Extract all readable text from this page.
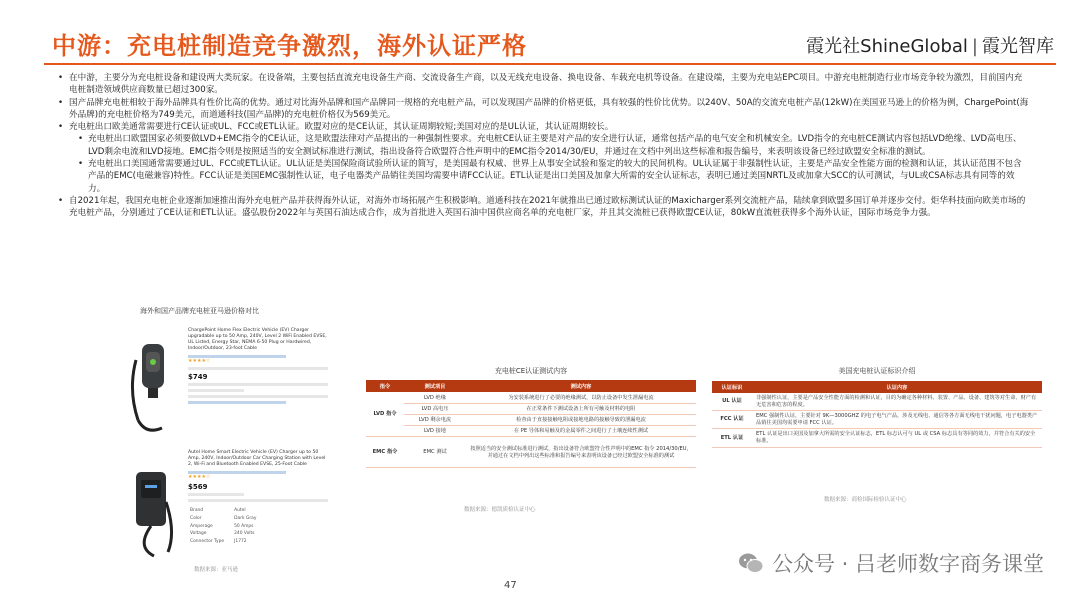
中游：充电桩制造竞争激烈，海外认证严格	霞光社ShineGlobal | 霞光智库
• 在中游，主要分为充电桩设备和建设两大类玩家。在设备端，主要包括直流充电设备生产商、交流设备生产商，以及无线充电设备、换电设备、车载充电机等设备。在建设端，主要为充电站EPC项目。中游充电桩制造行业市场竞争较为激烈，目前国内充电桩制造领域供应商数量已超过300家。
• 国产品牌充电桩相较于海外品牌具有性价比高的优势。通过对比海外品牌和国产品牌同一规格的充电桩产品，可以发现国产品牌的价格更低，具有较强的性价比优势。以240V、50A的交流充电桩产品(12kW)在美国亚马逊上的价格为例，ChargePoint(海外品牌)的充电桩价格为749美元，而道通科技(国产品牌)的充电桩价格仅为569美元。
• 充电桩出口欧美通常需要进行CE认证或UL、FCC或ETL认证。欧盟对应的是CE认证，其认证周期较短;美国对应的是UL认证，其认证周期较长。
• 充电桩出口欧盟国家必须要做LVD+EMC指令的CE认证，这是欧盟法律对产品提出的一种强制性要求。充电桩CE认证主要是对产品的安全进行认证，通常包括产品的电气安全和机械安全。LVD指令的充电桩CE测试内容包括LVD绝缘、LVD高电压、LVD剩余电流和LVD接地。EMC指令则是按照适当的安全测试标准进行测试，指出设备符合欧盟符合性声明中的EMC指令2014/30/EU，并通过在文档中列出这些标准和报告编号，来表明该设备已经过欧盟安全标准的测试。
• 充电桩出口美国通常需要通过UL、FCC或ETL认证。UL认证是美国保险商试验所认证的简写，是美国最有权威、世界上从事安全试验和鉴定的较大的民间机构。UL认证属于非强制性认证，主要是产品安全性能方面的检测和认证，其认证范围不包含产品的EMC(电磁兼容)特性。FCC认证是美国EMC强制性认证，电子电器类产品销往美国均需要申请FCC认证。ETL认证是出口美国及加拿大所需的安全认证标志，表明已通过美国NRTL及或加拿大SCC的认可测试，与UL或CSA标志具有同等的效力。
• 自2021年起，我国充电桩企业逐渐加速推出海外充电桩产品并获得海外认证，对海外市场拓展产生积极影响。道通科技在2021年就推出已通过欧标测试认证的Maxicharger系列交流桩产品，陆续拿到欧盟多国订单并逐步交付。炬华科技面向欧美市场的充电桩产品，分别通过了CE认证和ETL认证。盛弘股份2022年与英国石油达成合作，成为首批进入英国石油中国供应商名单的充电桩厂家，并且其交流桩已获得欧盟CE认证，80kW直流桩获得多个海外认证，国际市场竞争力强。
海外和国产品牌充电桩亚马逊价格对比
ChargePoint Home Flex Electric Vehicle (EV) Charger upgradable up to 50 Amp, 240V, Level 2 WiFi Enabled EVSE, UL Listed, Energy Star, NEMA 6-50 Plug or Hardwired, Indoor/Outdoor, 23-foot Cable
★★★★☆
$749
Autel Home Smart Electric Vehicle (EV) Charger up to 50 Amp, 240V, Indoor/Outdoor Car Charging Station with Level 2, Wi-Fi and Bluetooth Enabled EVSE, 25-Foot Cable
★★★★☆
$569
Brand	Autel
Color	Dark Gray
Amperage	50 Amps
Voltage	240 Volts
Connector Type	J1772
数据来源：亚马逊
充电桩CE认证测试内容
指令	测试项目	测试内容
LVD 指令	LVD 绝缘	为安装系统进行了必要的绝缘测试，以防止设备中发生泄漏电流
	LVD 高电压	在正常条件下测试设备上所有可触及材料的电阻
	LVD 剩余电流	检查由于直接接触电阻或接地电路的接触导致的泄漏电流
	LVD 接地	在 PE 导体和易触及的金属零件之间进行了土壤连续性测试
EMC 指令	EMC 测试	按照适当的安全测试标准进行测试，指出设备符合欧盟符合性声明中的EMC 指令 2014/30/EU，并通过在文档中列出这些标准和报告编号来表明该设备已经过欧盟安全标准的测试
数据来源：德凯质检认证中心
美国充电桩认证标识介绍
认证标识	认证内容
UL 认证	非强制性认证，主要是产品安全性能方面的检测和认证，目的为确定各种材料、装置、产品、设备、建筑等对生命、财产有无危害和危害的程度。
FCC 认证	EMC 强制性认证，主要针对 9K—3000GHZ 的电子电气产品，涉及无线电、通信等各方面无线电干扰问题，电子电器类产品销往美国均需要申请 FCC 认证。
ETL 认证	ETL 认证是出口美国及加拿大所需的安全认证标志，ETL 标志认可与 UL 或 CSA 标志具有等同的效力，并符合有关的安全标准。
数据来源：商检国际检验认证中心
公众号 · 吕老师数字商务课堂
47
